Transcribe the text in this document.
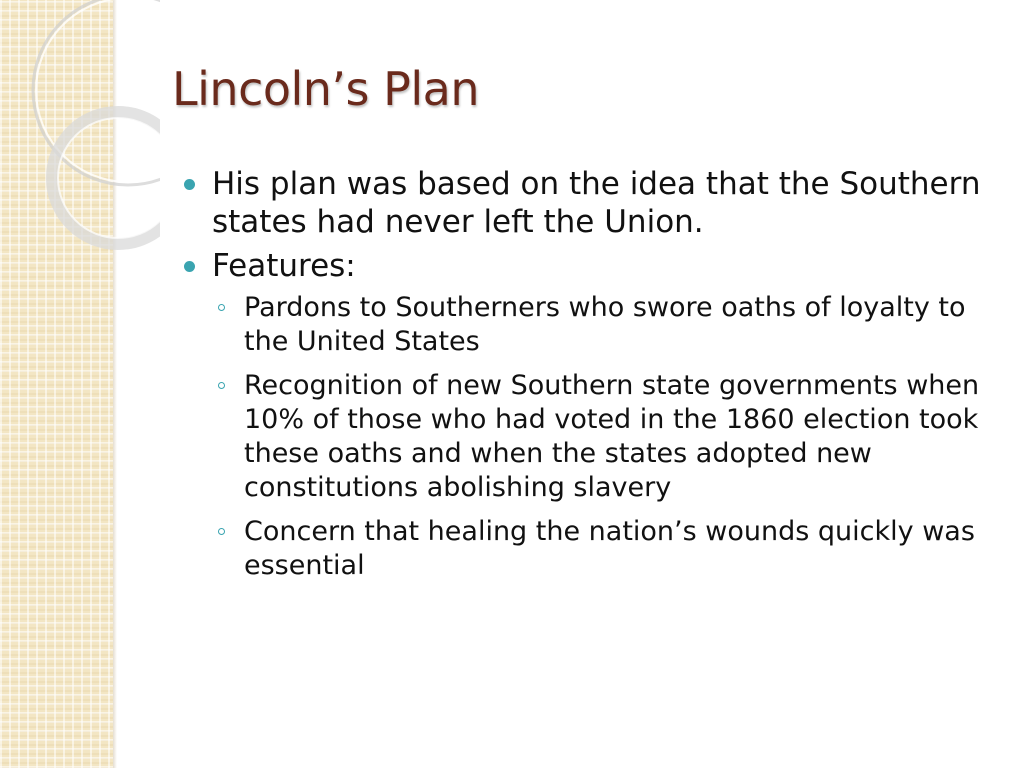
Lincoln’s Plan
His plan was based on the idea that the Southern states had never left the Union.
Features:
Pardons to Southerners who swore oaths of loyalty to the United States
Recognition of new Southern state governments when 10% of those who had voted in the 1860 election took these oaths and when the states adopted new constitutions abolishing slavery
Concern that healing the nation’s wounds quickly was essential
